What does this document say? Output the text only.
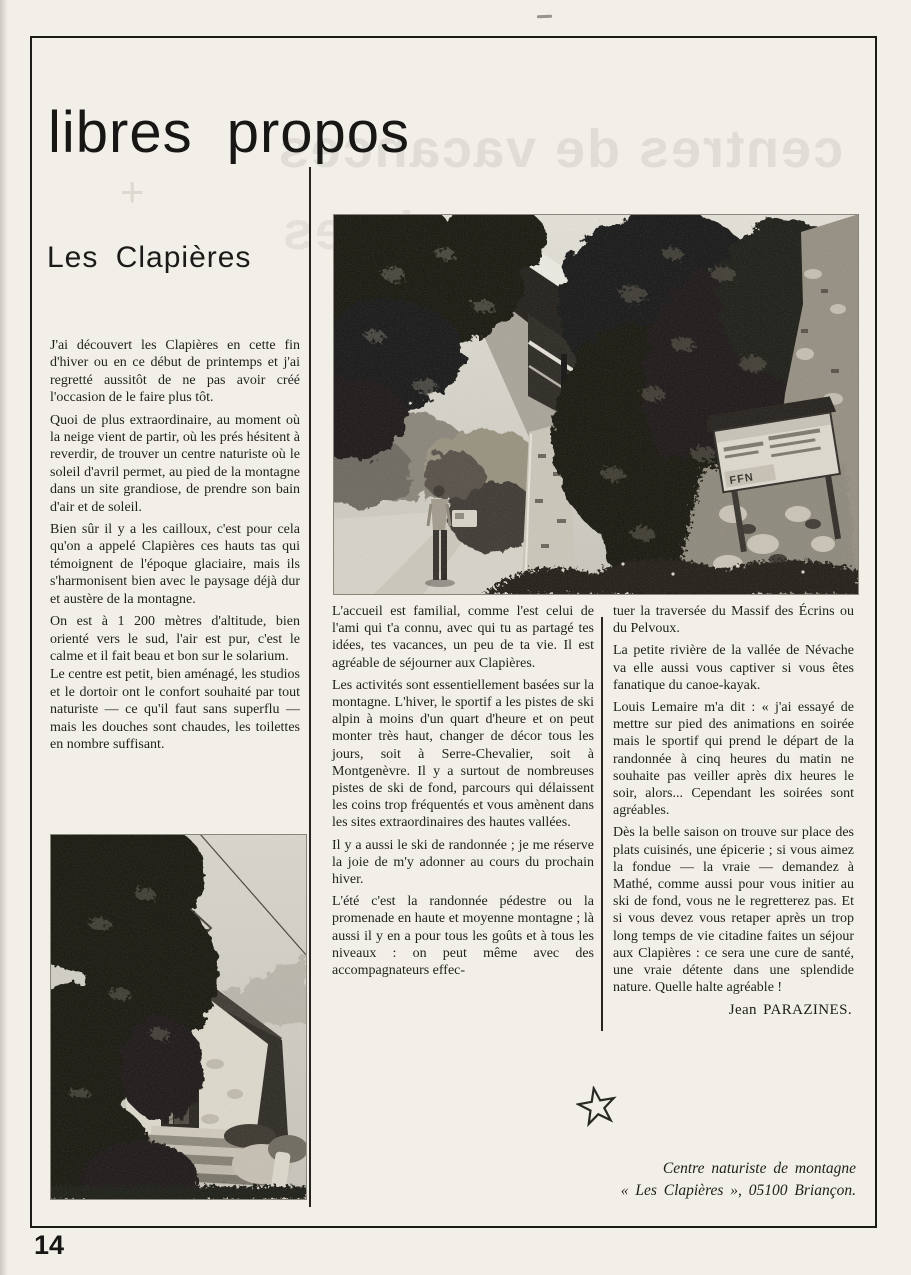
centres de vacances
+
libres propos
Les Clapières
FFN

J'ai découvert les Clapières en cette fin d'hiver ou en ce début de printemps et j'ai regretté aussitôt de ne pas avoir créé l'occasion de le faire plus tôt.

Quoi de plus extraordinaire, au moment où la neige vient de partir, où les prés hésitent à reverdir, de trouver un centre naturiste où le soleil d'avril permet, au pied de la montagne dans un site grandiose, de prendre son bain d'air et de soleil.

Bien sûr il y a les cailloux, c'est pour cela qu'on a appelé Clapières ces hauts tas qui témoignent de l'époque glaciaire, mais ils s'harmonisent bien avec le paysage déjà dur et austère de la montagne.

On est à 1 200 mètres d'altitude, bien orienté vers le sud, l'air est pur, c'est le calme et il fait beau et bon sur le solarium.

Le centre est petit, bien aménagé, les studios et le dortoir ont le confort souhaité par tout naturiste — ce qu'il faut sans superflu — mais les douches sont chaudes, les toilettes en nombre suffisant.

L'accueil est familial, comme l'est celui de l'ami qui t'a connu, avec qui tu as partagé tes idées, tes vacances, un peu de ta vie. Il est agréable de séjourner aux Clapières.

Les activités sont essentiellement basées sur la montagne. L'hiver, le sportif a les pistes de ski alpin à moins d'un quart d'heure et on peut monter très haut, changer de décor tous les jours, soit à Serre-Chevalier, soit à Montgenèvre. Il y a surtout de nombreuses pistes de ski de fond, parcours qui délaissent les coins trop fréquentés et vous amènent dans les sites extraordinaires des hautes vallées.

Il y a aussi le ski de randonnée ; je me réserve la joie de m'y adonner au cours du prochain hiver.

L'été c'est la randonnée pédestre ou la promenade en haute et moyenne montagne ; là aussi il y en a pour tous les goûts et à tous les niveaux : on peut même avec des accompagnateurs effec-

tuer la traversée du Massif des Écrins ou du Pelvoux.

La petite rivière de la vallée de Névache va elle aussi vous captiver si vous êtes fanatique du canoe-kayak.

Louis Lemaire m'a dit : « j'ai essayé de mettre sur pied des animations en soirée mais le sportif qui prend le départ de la randonnée à cinq heures du matin ne souhaite pas veiller après dix heures le soir, alors... Cependant les soirées sont agréables.

Dès la belle saison on trouve sur place des plats cuisinés, une épicerie ; si vous aimez la fondue — la vraie — demandez à Mathé, comme aussi pour vous initier au ski de fond, vous ne le regretterez pas. Et si vous devez vous retaper après un trop long temps de vie citadine faites un séjour aux Clapières : ce sera une cure de santé, une vraie détente dans une splendide nature. Quelle halte agréable !

Jean PARAZINES.
Centre naturiste de montagne
« Les Clapières », 05100 Briançon.
14
